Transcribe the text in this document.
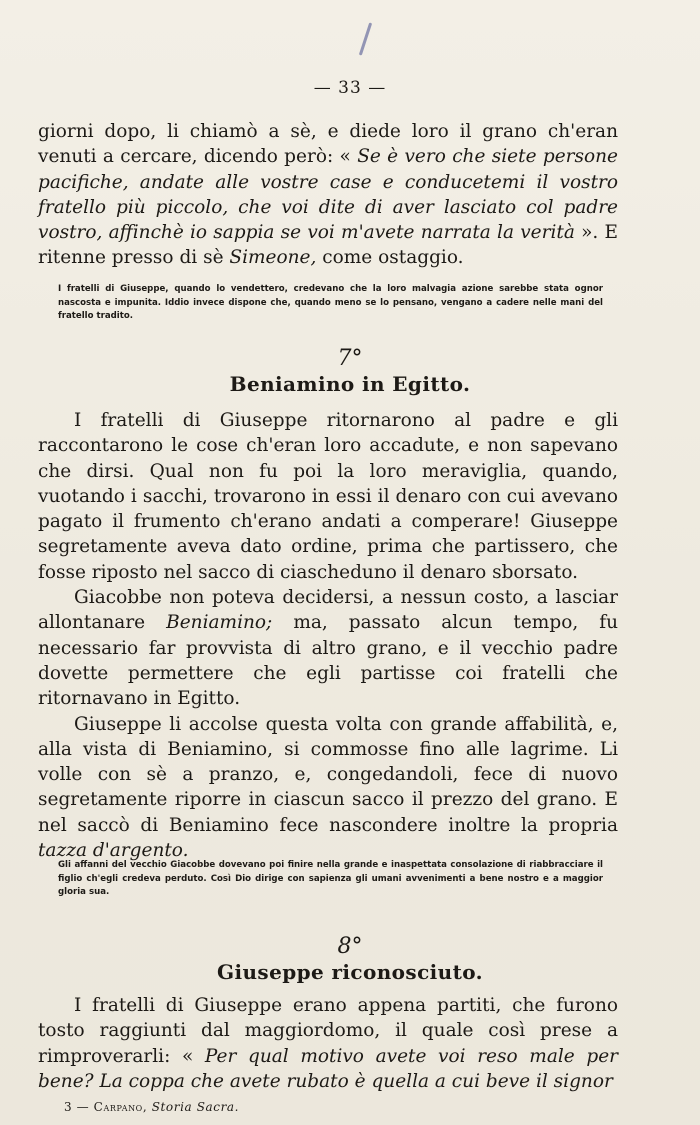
— 33 —

giorni dopo, li chiamò a sè, e diede loro il grano ch'eran venuti a cercare, dicendo però: « Se è vero che siete persone pacifiche, andate alle vostre case e conducetemi il vostro fratello più piccolo, che voi dite di aver lasciato col padre vostro, affinchè io sappia se voi m'avete narrata la verità ». E ritenne presso di sè Simeone, come ostaggio.

I fratelli di Giuseppe, quando lo vendettero, credevano che la loro malvagia azione sarebbe stata ognor nascosta e impunita. Iddio invece dispone che, quando meno se lo pensano, vengano a cadere nelle mani del fratello tradito.
7°
Beniamino in Egitto.

I fratelli di Giuseppe ritornarono al padre e gli raccontarono le cose ch'eran loro accadute, e non sapevano che dirsi. Qual non fu poi la loro meraviglia, quando, vuotando i sacchi, trovarono in essi il denaro con cui avevano pagato il frumento ch'erano andati a comperare! Giuseppe segretamente aveva dato ordine, prima che partissero, che fosse riposto nel sacco di ciascheduno il denaro sborsato.

Giacobbe non poteva decidersi, a nessun costo, a lasciar allontanare Beniamino; ma, passato alcun tempo, fu necessario far provvista di altro grano, e il vecchio padre dovette permettere che egli partisse coi fratelli che ritornavano in Egitto.

Giuseppe li accolse questa volta con grande affabilità, e, alla vista di Beniamino, si commosse fino alle lagrime. Li volle con sè a pranzo, e, congedandoli, fece di nuovo segretamente riporre in ciascun sacco il prezzo del grano. E nel saccò di Beniamino fece nascondere inoltre la propria tazza d'argento.

Gli affanni del vecchio Giacobbe dovevano poi finire nella grande e inaspettata consolazione di riabbracciare il figlio ch'egli credeva perduto. Così Dio dirige con sapienza gli umani avvenimenti a bene nostro e a maggior gloria sua.
8°
Giuseppe riconosciuto.

I fratelli di Giuseppe erano appena partiti, che furono tosto raggiunti dal maggiordomo, il quale così prese a rimproverarli: « Per qual motivo avete voi reso male per bene? La coppa che avete rubato è quella a cui beve il signor

3 — Carpano, Storia Sacra.
